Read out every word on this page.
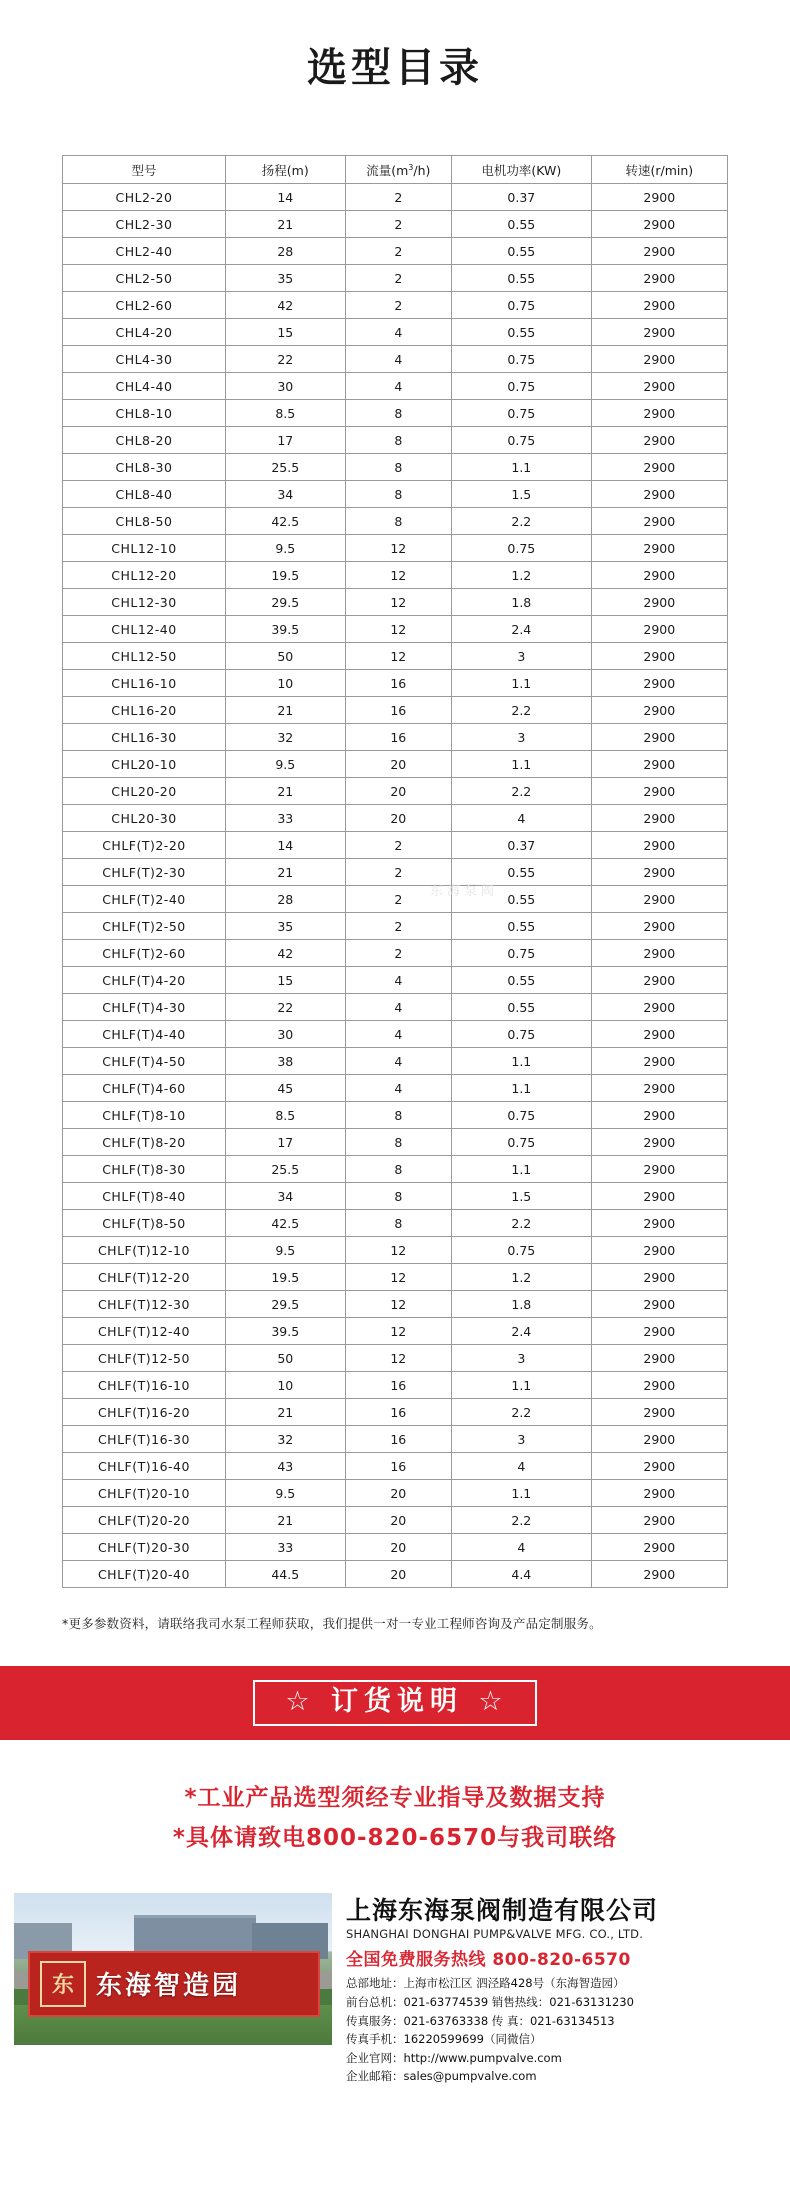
选型目录
型号	扬程(m)	流量$(m^3/h)$	电机功率(KW)	转速(r/min)
CHL2-20	14	2	0.37	2900
CHL2-30	21	2	0.55	2900
CHL2-40	28	2	0.55	2900
CHL2-50	35	2	0.55	2900
CHL2-60	42	2	0.75	2900
CHL4-20	15	4	0.55	2900
CHL4-30	22	4	0.75	2900
CHL4-40	30	4	0.75	2900
CHL8-10	8.5	8	0.75	2900
CHL8-20	17	8	0.75	2900
CHL8-30	25.5	8	1.1	2900
CHL8-40	34	8	1.5	2900
CHL8-50	42.5	8	2.2	2900
CHL12-10	9.5	12	0.75	2900
CHL12-20	19.5	12	1.2	2900
CHL12-30	29.5	12	1.8	2900
CHL12-40	39.5	12	2.4	2900
CHL12-50	50	12	3	2900
CHL16-10	10	16	1.1	2900
CHL16-20	21	16	2.2	2900
CHL16-30	32	16	3	2900
CHL20-10	9.5	20	1.1	2900
CHL20-20	21	20	2.2	2900
CHL20-30	33	20	4	2900
CHLF(T)2-20	14	2	0.37	2900
CHLF(T)2-30	21	2	0.55	2900
CHLF(T)2-40	28	2	0.55	2900
CHLF(T)2-50	35	2	0.55	2900
CHLF(T)2-60	42	2	0.75	2900
CHLF(T)4-20	15	4	0.55	2900
CHLF(T)4-30	22	4	0.55	2900
CHLF(T)4-40	30	4	0.75	2900
CHLF(T)4-50	38	4	1.1	2900
CHLF(T)4-60	45	4	1.1	2900
CHLF(T)8-10	8.5	8	0.75	2900
CHLF(T)8-20	17	8	0.75	2900
CHLF(T)8-30	25.5	8	1.1	2900
CHLF(T)8-40	34	8	1.5	2900
CHLF(T)8-50	42.5	8	2.2	2900
CHLF(T)12-10	9.5	12	0.75	2900
CHLF(T)12-20	19.5	12	1.2	2900
CHLF(T)12-30	29.5	12	1.8	2900
CHLF(T)12-40	39.5	12	2.4	2900
CHLF(T)12-50	50	12	3	2900
CHLF(T)16-10	10	16	1.1	2900
CHLF(T)16-20	21	16	2.2	2900
CHLF(T)16-30	32	16	3	2900
CHLF(T)16-40	43	16	4	2900
CHLF(T)20-10	9.5	20	1.1	2900
CHLF(T)20-20	21	20	2.2	2900
CHLF(T)20-30	33	20	4	2900
CHLF(T)20-40	44.5	20	4.4	2900
*更多参数资料，请联络我司水泵工程师获取，我们提供一对一专业工程师咨询及产品定制服务。
☆ 订货说明 ☆
*工业产品选型须经专业指导及数据支持
*具体请致电800-820-6570与我司联络
东 东海智造园
上海东海泵阀制造有限公司
SHANGHAI DONGHAI PUMP&VALVE MFG. CO., LTD.
全国免费服务热线 800-820-6570
总部地址：上海市松江区 泗泾路428号（东海智造园）
前台总机：021-63774539 销售热线：021-63131230
传真服务：021-63763338 传 真：021-63134513
传真手机：16220599699（同微信）
企业官网：http://www.pumpvalve.com
企业邮箱：sales@pumpvalve.com
东海泵阀
